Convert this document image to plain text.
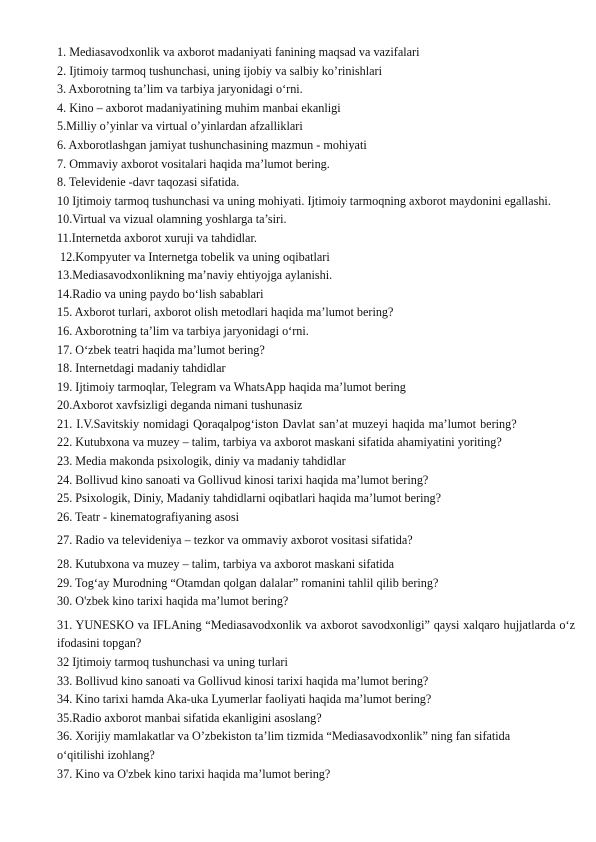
1. Mediasavodxonlik va axborot madaniyati fanining maqsad va vazifalari

2. Ijtimoiy tarmoq tushunchasi, uning ijobiy va salbiy ko’rinishlari

3. Axborotning ta’lim va tarbiya jaryonidagi o‘rni.

4. Kino – axborot madaniyatining muhim manbai ekanligi

5.Milliy o’yinlar va virtual o’yinlardan afzalliklari

6. Axborotlashgan jamiyat tushunchasining mazmun - mohiyati

7. Ommaviy axborot vositalari haqida ma’lumot bering.

8. Televidenie -davr taqozasi sifatida.

10 Ijtimoiy tarmoq tushunchasi va uning mohiyati. Ijtimoiy tarmoqning axborot maydonini egallashi.

10.Virtual va vizual olamning yoshlarga ta’siri.

11.Internetda axborot xuruji va tahdidlar.

12.Kompyuter va Internetga tobelik va uning oqibatlari

13.Mediasavodxonlikning ma’naviy ehtiyojga aylanishi.

14.Radio va uning paydo bo‘lish sabablari

15. Axborot turlari, axborot olish metodlari haqida ma’lumot bering?

16. Axborotning ta’lim va tarbiya jaryonidagi o‘rni.

17. O‘zbek teatri haqida ma’lumot bering?

18. Internetdagi madaniy tahdidlar

19. Ijtimoiy tarmoqlar, Telegram va WhatsApp haqida ma’lumot bering

20.Axborot xavfsizligi deganda nimani tushunasiz

21. I.V.Savitskiy nomidagi Qoraqalpog‘iston Davlat san’at muzeyi haqida ma’lumot bering?

22. Kutubxona va muzey – talim, tarbiya va axborot maskani sifatida ahamiyatini yoriting?

23. Media makonda psixologik, diniy va madaniy tahdidlar

24. Bollivud kino sanoati va Gollivud kinosi tarixi haqida ma’lumot bering?

25. Psixologik, Diniy, Madaniy tahdidlarni oqibatlari haqida ma’lumot bering?

26. Teatr - kinematografiyaning asosi

27. Radio va televideniya – tezkor va ommaviy axborot vositasi sifatida?

28. Kutubxona va muzey – talim, tarbiya va axborot maskani sifatida

29. Tog‘ay Murodning “Otamdan qolgan dalalar” romanini tahlil qilib bering?

30. O'zbek kino tarixi haqida ma’lumot bering?

31. YUNESKO va IFLAning “Mediasavodxonlik va axborot savodxonligi” qaysi xalqaro hujjatlarda o‘z ifodasini topgan?

32 Ijtimoiy tarmoq tushunchasi va uning turlari

33. Bollivud kino sanoati va Gollivud kinosi tarixi haqida ma’lumot bering?

34. Kino tarixi hamda Aka-uka Lyumerlar faoliyati haqida ma’lumot bering?

35.Radio axborot manbai sifatida ekanligini asoslang?

36. Xorijiy mamlakatlar va O’zbekiston ta’lim tizmida “Mediasavodxonlik” ning fan sifatida o‘qitilishi izohlang?

37. Kino va O'zbek kino tarixi haqida ma’lumot bering?
